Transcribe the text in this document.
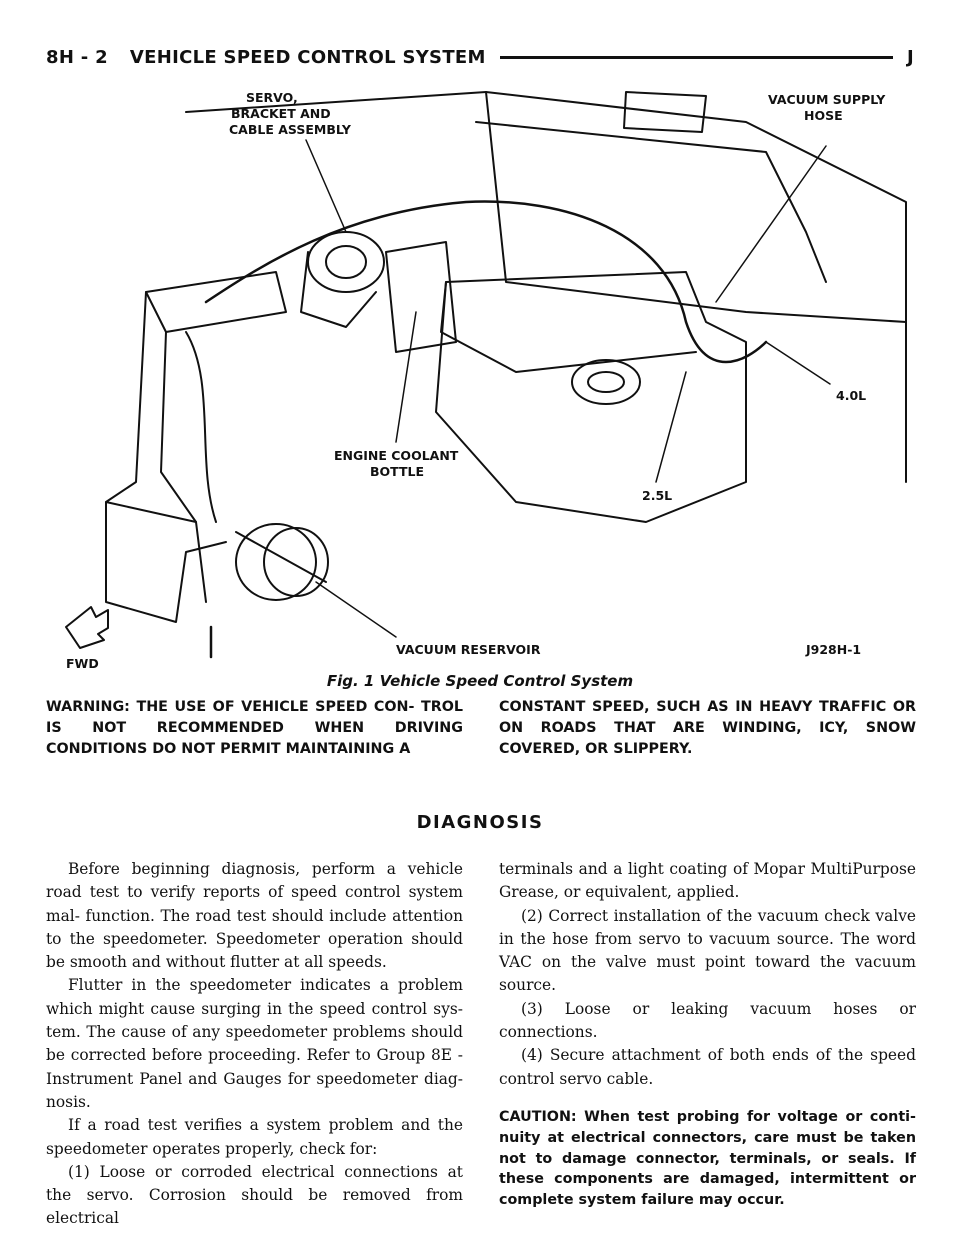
8H - 2 VEHICLE SPEED CONTROL SYSTEM	J
SERVO,
BRACKET AND
CABLE ASSEMBLY
VACUUM SUPPLY
HOSE
4.0L
2.5L
ENGINE COOLANT
BOTTLE
FWD
VACUUM RESERVOIR	J928H-1
Fig. 1 Vehicle Speed Control System
WARNING: THE USE OF VEHICLE SPEED CON- TROL IS NOT RECOMMENDED WHEN DRIVING CONDITIONS DO NOT PERMIT MAINTAINING A
CONSTANT SPEED, SUCH AS IN HEAVY TRAFFIC OR ON ROADS THAT ARE WINDING, ICY, SNOW COVERED, OR SLIPPERY.
DIAGNOSIS

Before beginning diagnosis, perform a vehicle road test to verify reports of speed control system mal- function. The road test should include attention to the speedometer. Speedometer operation should be smooth and without flutter at all speeds.

Flutter in the speedometer indicates a problem which might cause surging in the speed control sys- tem. The cause of any speedometer problems should be corrected before proceeding. Refer to Group 8E - Instrument Panel and Gauges for speedometer diag- nosis.

If a road test verifies a system problem and the speedometer operates properly, check for:

(1) Loose or corroded electrical connections at the servo. Corrosion should be removed from electrical

terminals and a light coating of Mopar MultiPurpose Grease, or equivalent, applied.

(2) Correct installation of the vacuum check valve in the hose from servo to vacuum source. The word VAC on the valve must point toward the vacuum source.

(3) Loose or leaking vacuum hoses or connections.

(4) Secure attachment of both ends of the speed control servo cable.

CAUTION: When test probing for voltage or conti- nuity at electrical connectors, care must be taken not to damage connector, terminals, or seals. If these components are damaged, intermittent or complete system failure may occur.
